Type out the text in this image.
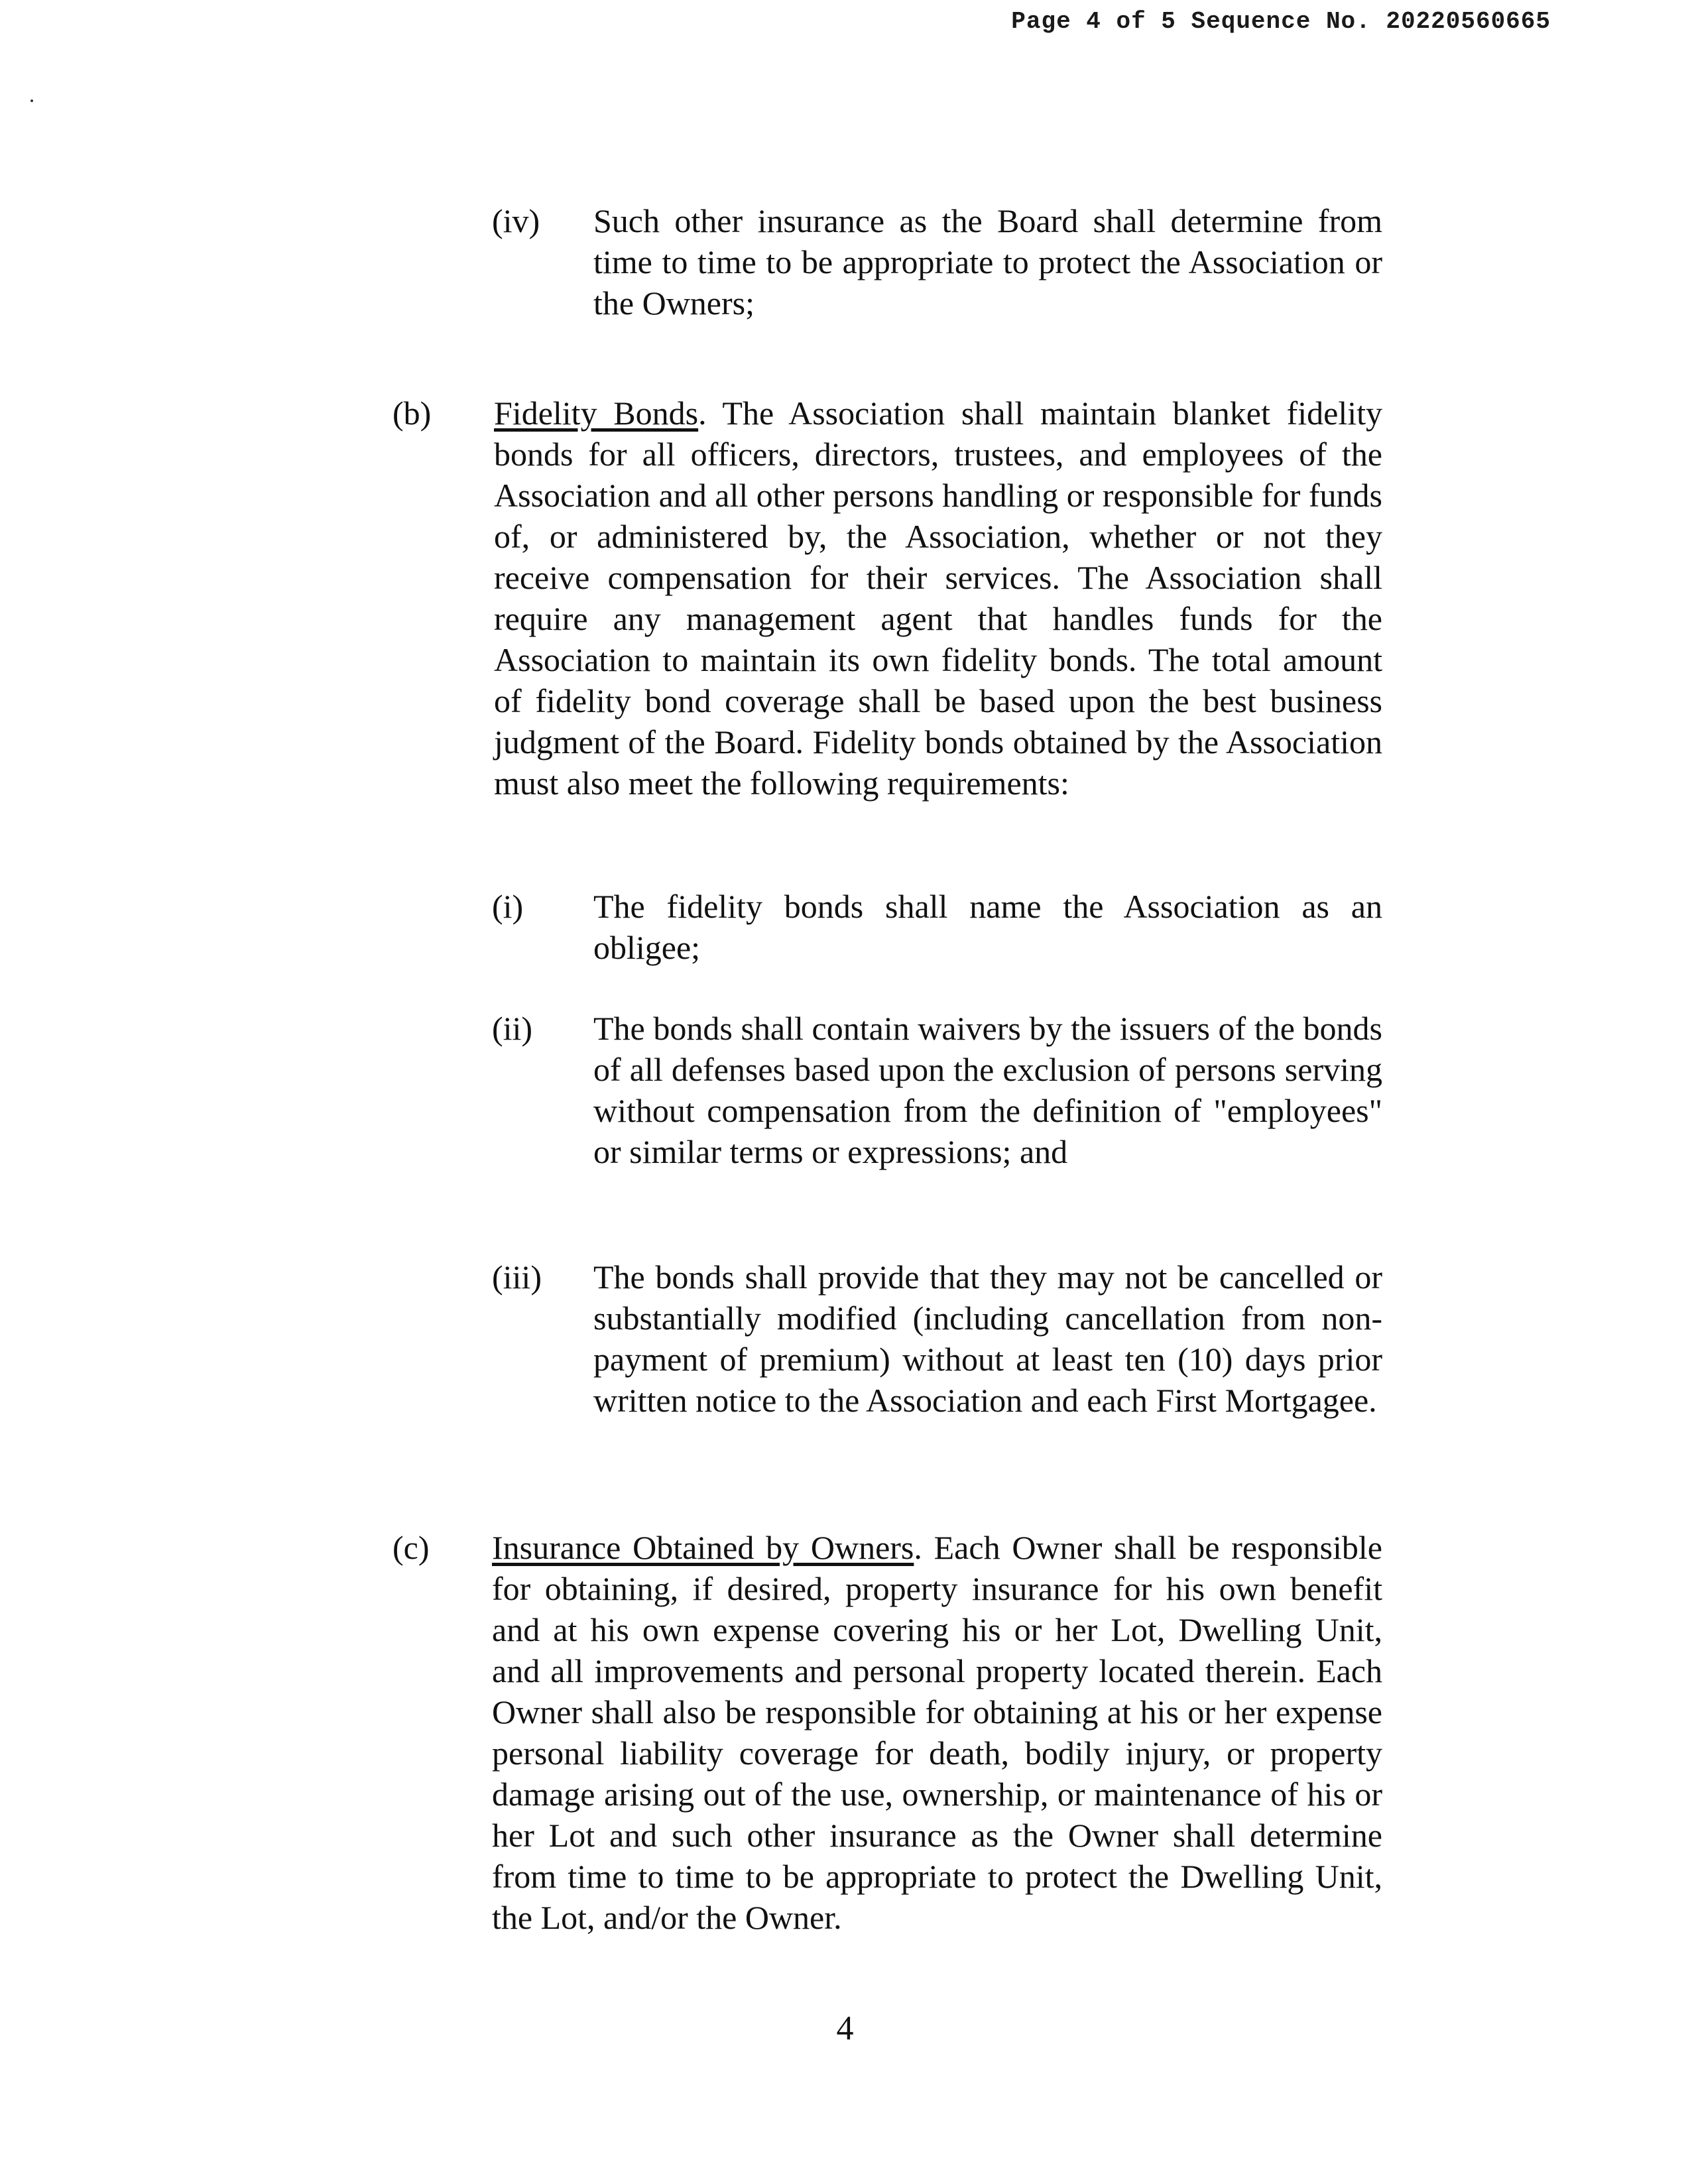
Page 4 of 5 Sequence No. 20220560665
(iv) Such other insurance as the Board shall determine from time to time to be appropriate to protect the Association or the Owners;
(b) Fidelity Bonds. The Association shall maintain blanket fidelity bonds for all officers, directors, trustees, and employees of the Association and all other persons handling or responsible for funds of, or administered by, the Association, whether or not they receive compensation for their services. The Association shall require any management agent that handles funds for the Association to maintain its own fidelity bonds. The total amount of fidelity bond coverage shall be based upon the best business judgment of the Board. Fidelity bonds obtained by the Association must also meet the following requirements:
(i) The fidelity bonds shall name the Association as an obligee;
(ii) The bonds shall contain waivers by the issuers of the bonds of all defenses based upon the exclusion of persons serving without compensation from the definition of "employees" or similar terms or expressions; and
(iii) The bonds shall provide that they may not be cancelled or substantially modified (including cancellation from non-payment of premium) without at least ten (10) days prior written notice to the Association and each First Mortgagee.
(c) Insurance Obtained by Owners. Each Owner shall be responsible for obtaining, if desired, property insurance for his own benefit and at his own expense covering his or her Lot, Dwelling Unit, and all improvements and personal property located therein. Each Owner shall also be responsible for obtaining at his or her expense personal liability coverage for death, bodily injury, or property damage arising out of the use, ownership, or maintenance of his or her Lot and such other insurance as the Owner shall determine from time to time to be appropriate to protect the Dwelling Unit, the Lot, and/or the Owner.
4
